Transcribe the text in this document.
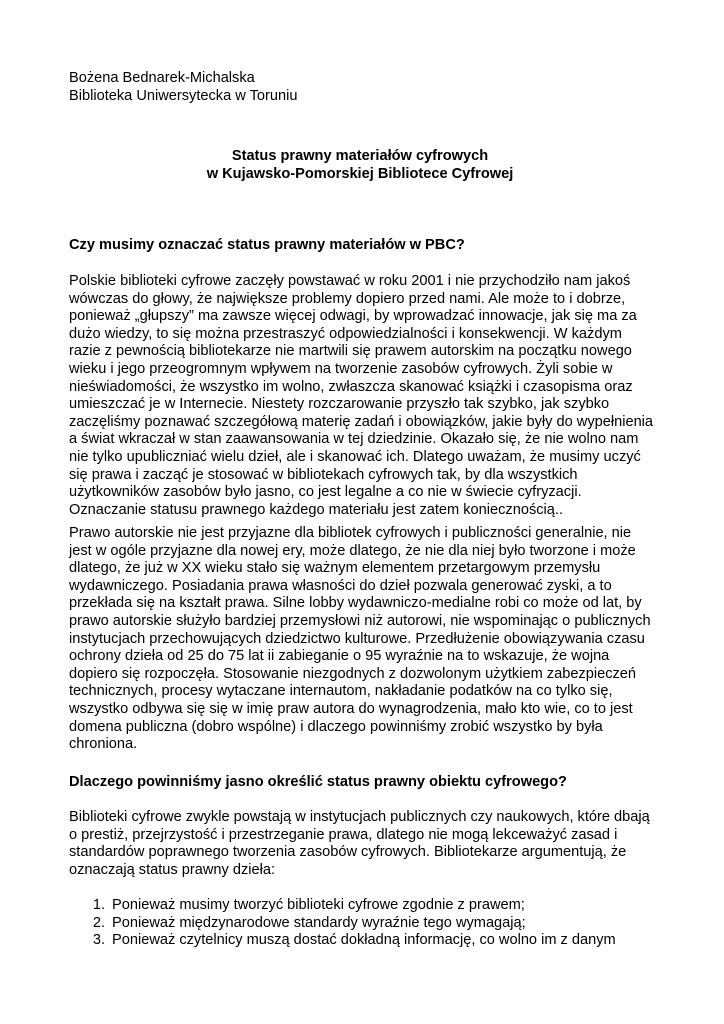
Bożena Bednarek-Michalska
Biblioteka Uniwersytecka w Toruniu
Status prawny materiałów cyfrowych
w Kujawsko-Pomorskiej Bibliotece Cyfrowej
Czy musimy oznaczać status prawny materiałów w PBC?
Polskie biblioteki cyfrowe zaczęły powstawać w roku 2001 i nie przychodziło nam jakoś
wówczas do głowy, że największe problemy dopiero przed nami. Ale może to i dobrze,
ponieważ „głupszy” ma zawsze więcej odwagi, by wprowadzać innowacje, jak się ma za
dużo wiedzy, to się można przestraszyć odpowiedzialności i konsekwencji. W każdym
razie z pewnością bibliotekarze nie martwili się prawem autorskim na początku nowego
wieku i jego przeogromnym wpływem na tworzenie zasobów cyfrowych. Żyli sobie w
nieświadomości, że wszystko im wolno, zwłaszcza skanować książki i czasopisma oraz
umieszczać je w Internecie. Niestety rozczarowanie przyszło tak szybko, jak szybko
zaczęliśmy poznawać szczegółową materię zadań i obowiązków, jakie były do wypełnienia
a świat wkraczał w stan zaawansowania w tej dziedzinie. Okazało się, że nie wolno nam
nie tylko upubliczniać wielu dzieł, ale i skanować ich. Dlatego uważam, że musimy uczyć
się prawa i zacząć je stosować w bibliotekach cyfrowych tak, by dla wszystkich
użytkowników zasobów było jasno, co jest legalne a co nie w świecie cyfryzacji.
Oznaczanie statusu prawnego każdego materiału jest zatem koniecznością..
Prawo autorskie nie jest przyjazne dla bibliotek cyfrowych i publiczności generalnie, nie
jest w ogóle przyjazne dla nowej ery, może dlatego, że nie dla niej było tworzone i może
dlatego, że już w XX wieku stało się ważnym elementem przetargowym przemysłu
wydawniczego. Posiadania prawa własności do dzieł pozwala generować zyski, a to
przekłada się na kształt prawa. Silne lobby wydawniczo-medialne robi co może od lat, by
prawo autorskie służyło bardziej przemysłowi niż autorowi, nie wspominając o publicznych
instytucjach przechowujących dziedzictwo kulturowe. Przedłużenie obowiązywania czasu
ochrony dzieła od 25 do 75 lat ii zabieganie o 95 wyraźnie na to wskazuje, że wojna
dopiero się rozpoczęła. Stosowanie niezgodnych z dozwolonym użytkiem zabezpieczeń
technicznych, procesy wytaczane internautom, nakładanie podatków na co tylko się,
wszystko odbywa się się w imię praw autora do wynagrodzenia, mało kto wie, co to jest
domena publiczna (dobro wspólne) i dlaczego powinniśmy zrobić wszystko by była
chroniona.
Dlaczego powinniśmy jasno określić status prawny obiektu cyfrowego?
Biblioteki cyfrowe zwykle powstają w instytucjach publicznych czy naukowych, które dbają
o prestiż, przejrzystość i przestrzeganie prawa, dlatego nie mogą lekceważyć zasad i
standardów poprawnego tworzenia zasobów cyfrowych. Bibliotekarze argumentują, że
oznaczają status prawny dzieła:
1. Ponieważ musimy tworzyć biblioteki cyfrowe zgodnie z prawem;
2. Ponieważ międzynarodowe standardy wyraźnie tego wymagają;
3. Ponieważ czytelnicy muszą dostać dokładną informację, co wolno im z danym
